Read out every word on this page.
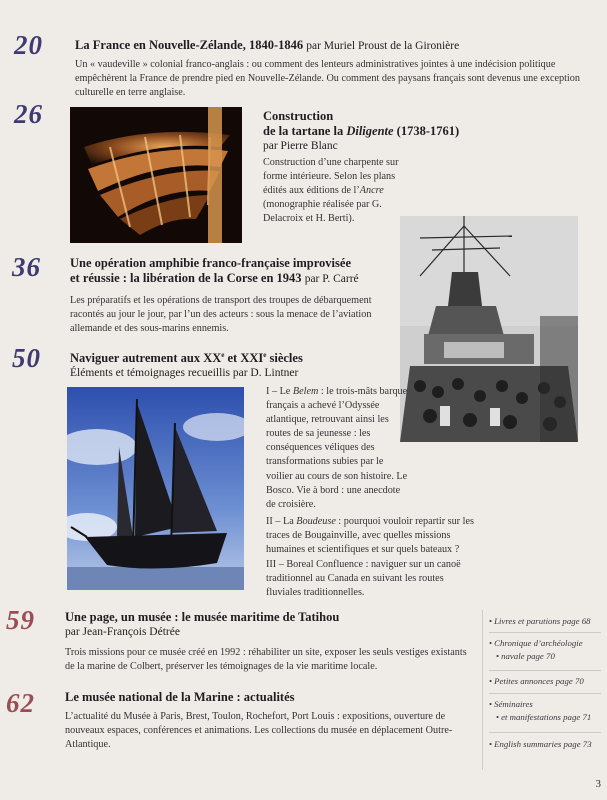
20	La France en Nouvelle-Zélande, 1840-1846 par Muriel Proust de la Gironière
Un « vaudeville » colonial franco-anglais : ou comment des lenteurs administratives jointes à une indécision politique empêchèrent la France de prendre pied en Nouvelle-Zélande. Ou comment des paysans français sont devenus une exception culturelle en terre anglaise.
26	Construction
de la tartane la Diligente (1738-1761)
par Pierre Blanc
Construction d’une charpente sur forme intérieure. Selon les plans édités aux éditions de l’Ancre (monographie réalisée par G. Delacroix et H. Berti).
36 Une opération amphibie franco-française improvisée
et réussie : la libération de la Corse en 1943 par P. Carré
Les préparatifs et les opérations de transport des troupes de débarquement racontés au jour le jour, par l’un des acteurs : sous la menace de l’aviation allemande et des sous-marins ennemis.
50 Naviguer autrement aux XXe et XXIe siècles
Éléments et témoignages recueillis par D. Lintner
I – Le Belem : le trois-mâts barque français a achevé l’Odyssée atlantique, retrouvant ainsi les routes de sa jeunesse : les conséquences véliques des transformations subies par le voilier au cours de son histoire. Le Bosco. Vie à bord : une anecdote de croisière.
II – La Boudeuse : pourquoi vouloir repartir sur les traces de Bougainville, avec quelles missions humaines et scientifiques et sur quels bateaux ?
III – Boreal Confluence : naviguer sur un canoë traditionnel au Canada en suivant les routes fluviales traditionnelles.
59 Une page, un musée : le musée maritime de Tatihou
par Jean-François Détrée
Trois missions pour ce musée créé en 1992 : réhabiliter un site, exposer les seuls vestiges existants de la marine de Colbert, préserver les témoignages de la vie maritime locale.
62 Le musée national de la Marine : actualités
L’actualité du Musée à Paris, Brest, Toulon, Rochefort, Port Louis : expositions, ouverture de nouveaux espaces, conférences et animations. Les collections du musée en déplacement Outre-Atlantique.
• Livres et parutions page 68
• Chronique d’archéologie
• navale page 70
• Petites annonces page 70
• Séminaires
• et manifestations page 71
• English summaries page 73
3
